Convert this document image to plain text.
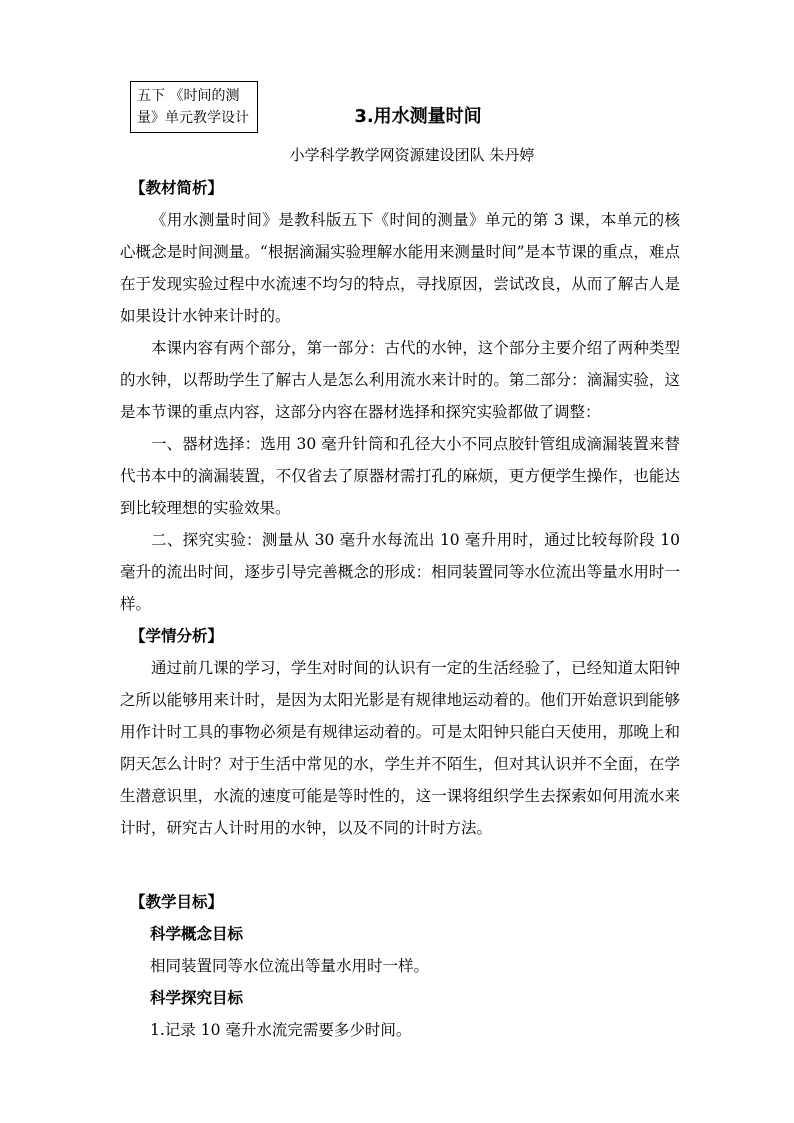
五下 《时间的测
量》单元教学设计	3.用水测量时间
小学科学教学网资源建设团队 朱丹婷
【教材简析】

《用水测量时间》是教科版五下《时间的测量》单元的第 3 课，本单元的核心概念是时间测量。“根据滴漏实验理解水能用来测量时间”是本节课的重点，难点在于发现实验过程中水流速不均匀的特点，寻找原因，尝试改良，从而了解古人是如果设计水钟来计时的。

本课内容有两个部分，第一部分：古代的水钟，这个部分主要介绍了两种类型的水钟，以帮助学生了解古人是怎么利用流水来计时的。第二部分：滴漏实验，这是本节课的重点内容，这部分内容在器材选择和探究实验都做了调整：

一、器材选择：选用 30 毫升针筒和孔径大小不同点胶针管组成滴漏装置来替代书本中的滴漏装置，不仅省去了原器材需打孔的麻烦，更方便学生操作，也能达到比较理想的实验效果。

二、探究实验：测量从 30 毫升水每流出 10 毫升用时，通过比较每阶段 10 毫升的流出时间，逐步引导完善概念的形成：相同装置同等水位流出等量水用时一样。

【学情分析】

通过前几课的学习，学生对时间的认识有一定的生活经验了，已经知道太阳钟之所以能够用来计时，是因为太阳光影是有规律地运动着的。他们开始意识到能够用作计时工具的事物必须是有规律运动着的。可是太阳钟只能白天使用，那晚上和阴天怎么计时？对于生活中常见的水，学生并不陌生，但对其认识并不全面，在学生潜意识里，水流的速度可能是等时性的，这一课将组织学生去探索如何用流水来计时，研究古人计时用的水钟，以及不同的计时方法。

【教学目标】
科学概念目标
相同装置同等水位流出等量水用时一样。
科学探究目标
1.记录 10 毫升水流完需要多少时间。
